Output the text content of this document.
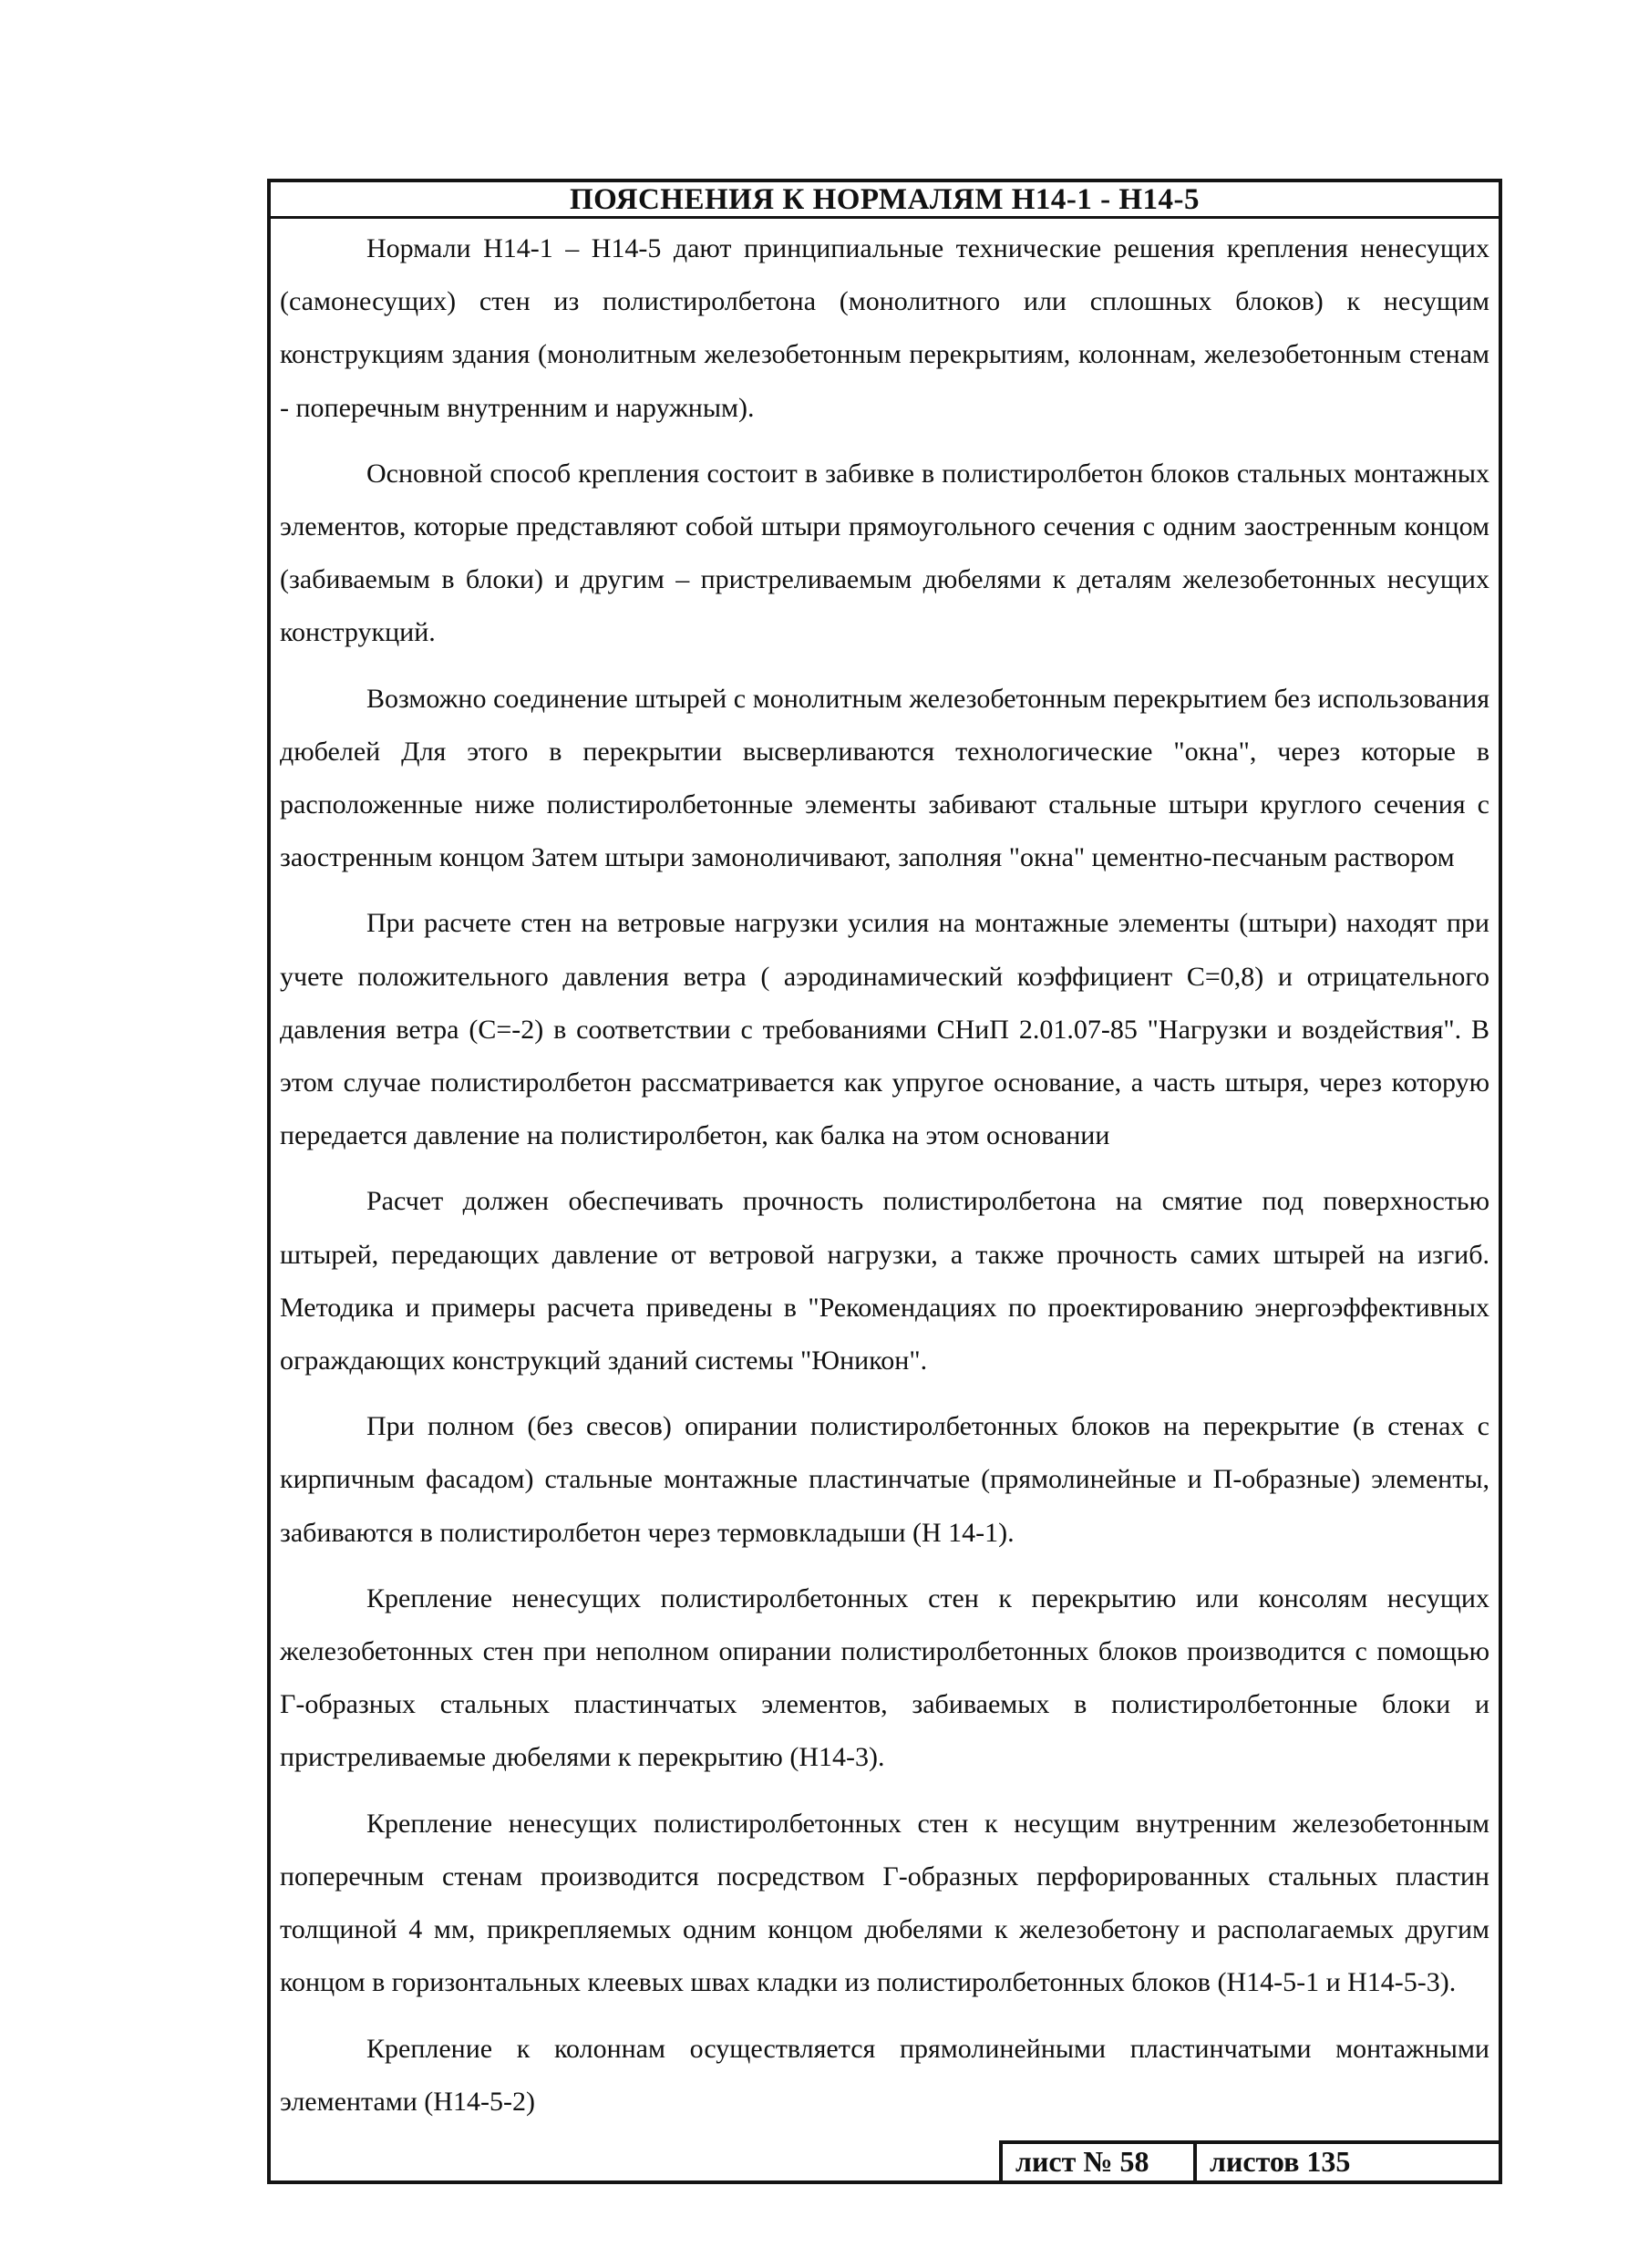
ПОЯСНЕНИЯ К НОРМАЛЯМ Н14-1 - Н14-5

Нормали Н14-1 – Н14-5 дают принципиальные технические решения крепления ненесущих (самонесущих) стен из полистиролбетона (монолитного или сплошных блоков) к несущим конструкциям здания (монолитным железобетонным перекрытиям, колоннам, железобетонным стенам - поперечным внутренним и наружным).

Основной способ крепления состоит в забивке в полистиролбетон блоков стальных монтажных элементов, которые представляют собой штыри прямоугольного сечения с одним заостренным концом (забиваемым в блоки) и другим – пристреливаемым дюбелями к деталям железобетонных несущих конструкций.

Возможно соединение штырей с монолитным железобетонным перекрытием без использования дюбелей Для этого в перекрытии высверливаются технологические "окна", через которые в расположенные ниже полистиролбетонные элементы забивают стальные штыри круглого сечения с заостренным концом Затем штыри замоноличивают, заполняя "окна" цементно-песчаным раствором

При расчете стен на ветровые нагрузки усилия на монтажные элементы (штыри) находят при учете положительного давления ветра ( аэродинамический коэффициент С=0,8) и отрицательного давления ветра (С=-2) в соответствии с требованиями СНиП 2.01.07-85 "Нагрузки и воздействия". В этом случае полистиролбетон рассматривается как упругое основание, а часть штыря, через которую передается давление на полистиролбетон, как балка на этом основании

Расчет должен обеспечивать прочность полистиролбетона на смятие под поверхностью штырей, передающих давление от ветровой нагрузки, а также прочность самих штырей на изгиб. Методика и примеры расчета приведены в "Рекомендациях по проектированию энергоэффективных ограждающих конструкций зданий системы "Юникон".

При полном (без свесов) опирании полистиролбетонных блоков на перекрытие (в стенах с кирпичным фасадом) стальные монтажные пластинчатые (прямолинейные и П-образные) элементы, забиваются в полистиролбетон через термовкладыши (Н 14-1).

Крепление ненесущих полистиролбетонных стен к перекрытию или консолям несущих железобетонных стен при неполном опирании полистиролбетонных блоков производится с помощью Г-образных стальных пластинчатых элементов, забиваемых в полистиролбетонные блоки и пристреливаемые дюбелями к перекрытию (Н14-3).

Крепление ненесущих полистиролбетонных стен к несущим внутренним железобетонным поперечным стенам производится посредством Г-образных перфорированных стальных пластин толщиной 4 мм, прикрепляемых одним концом дюбелями к железобетону и располагаемых другим концом в горизонтальных клеевых швах кладки из полистиролбетонных блоков (Н14-5-1 и Н14-5-3).

Крепление к колоннам осуществляется прямолинейными пластинчатыми монтажными элементами (Н14-5-2)

лист № 58	листов 135
